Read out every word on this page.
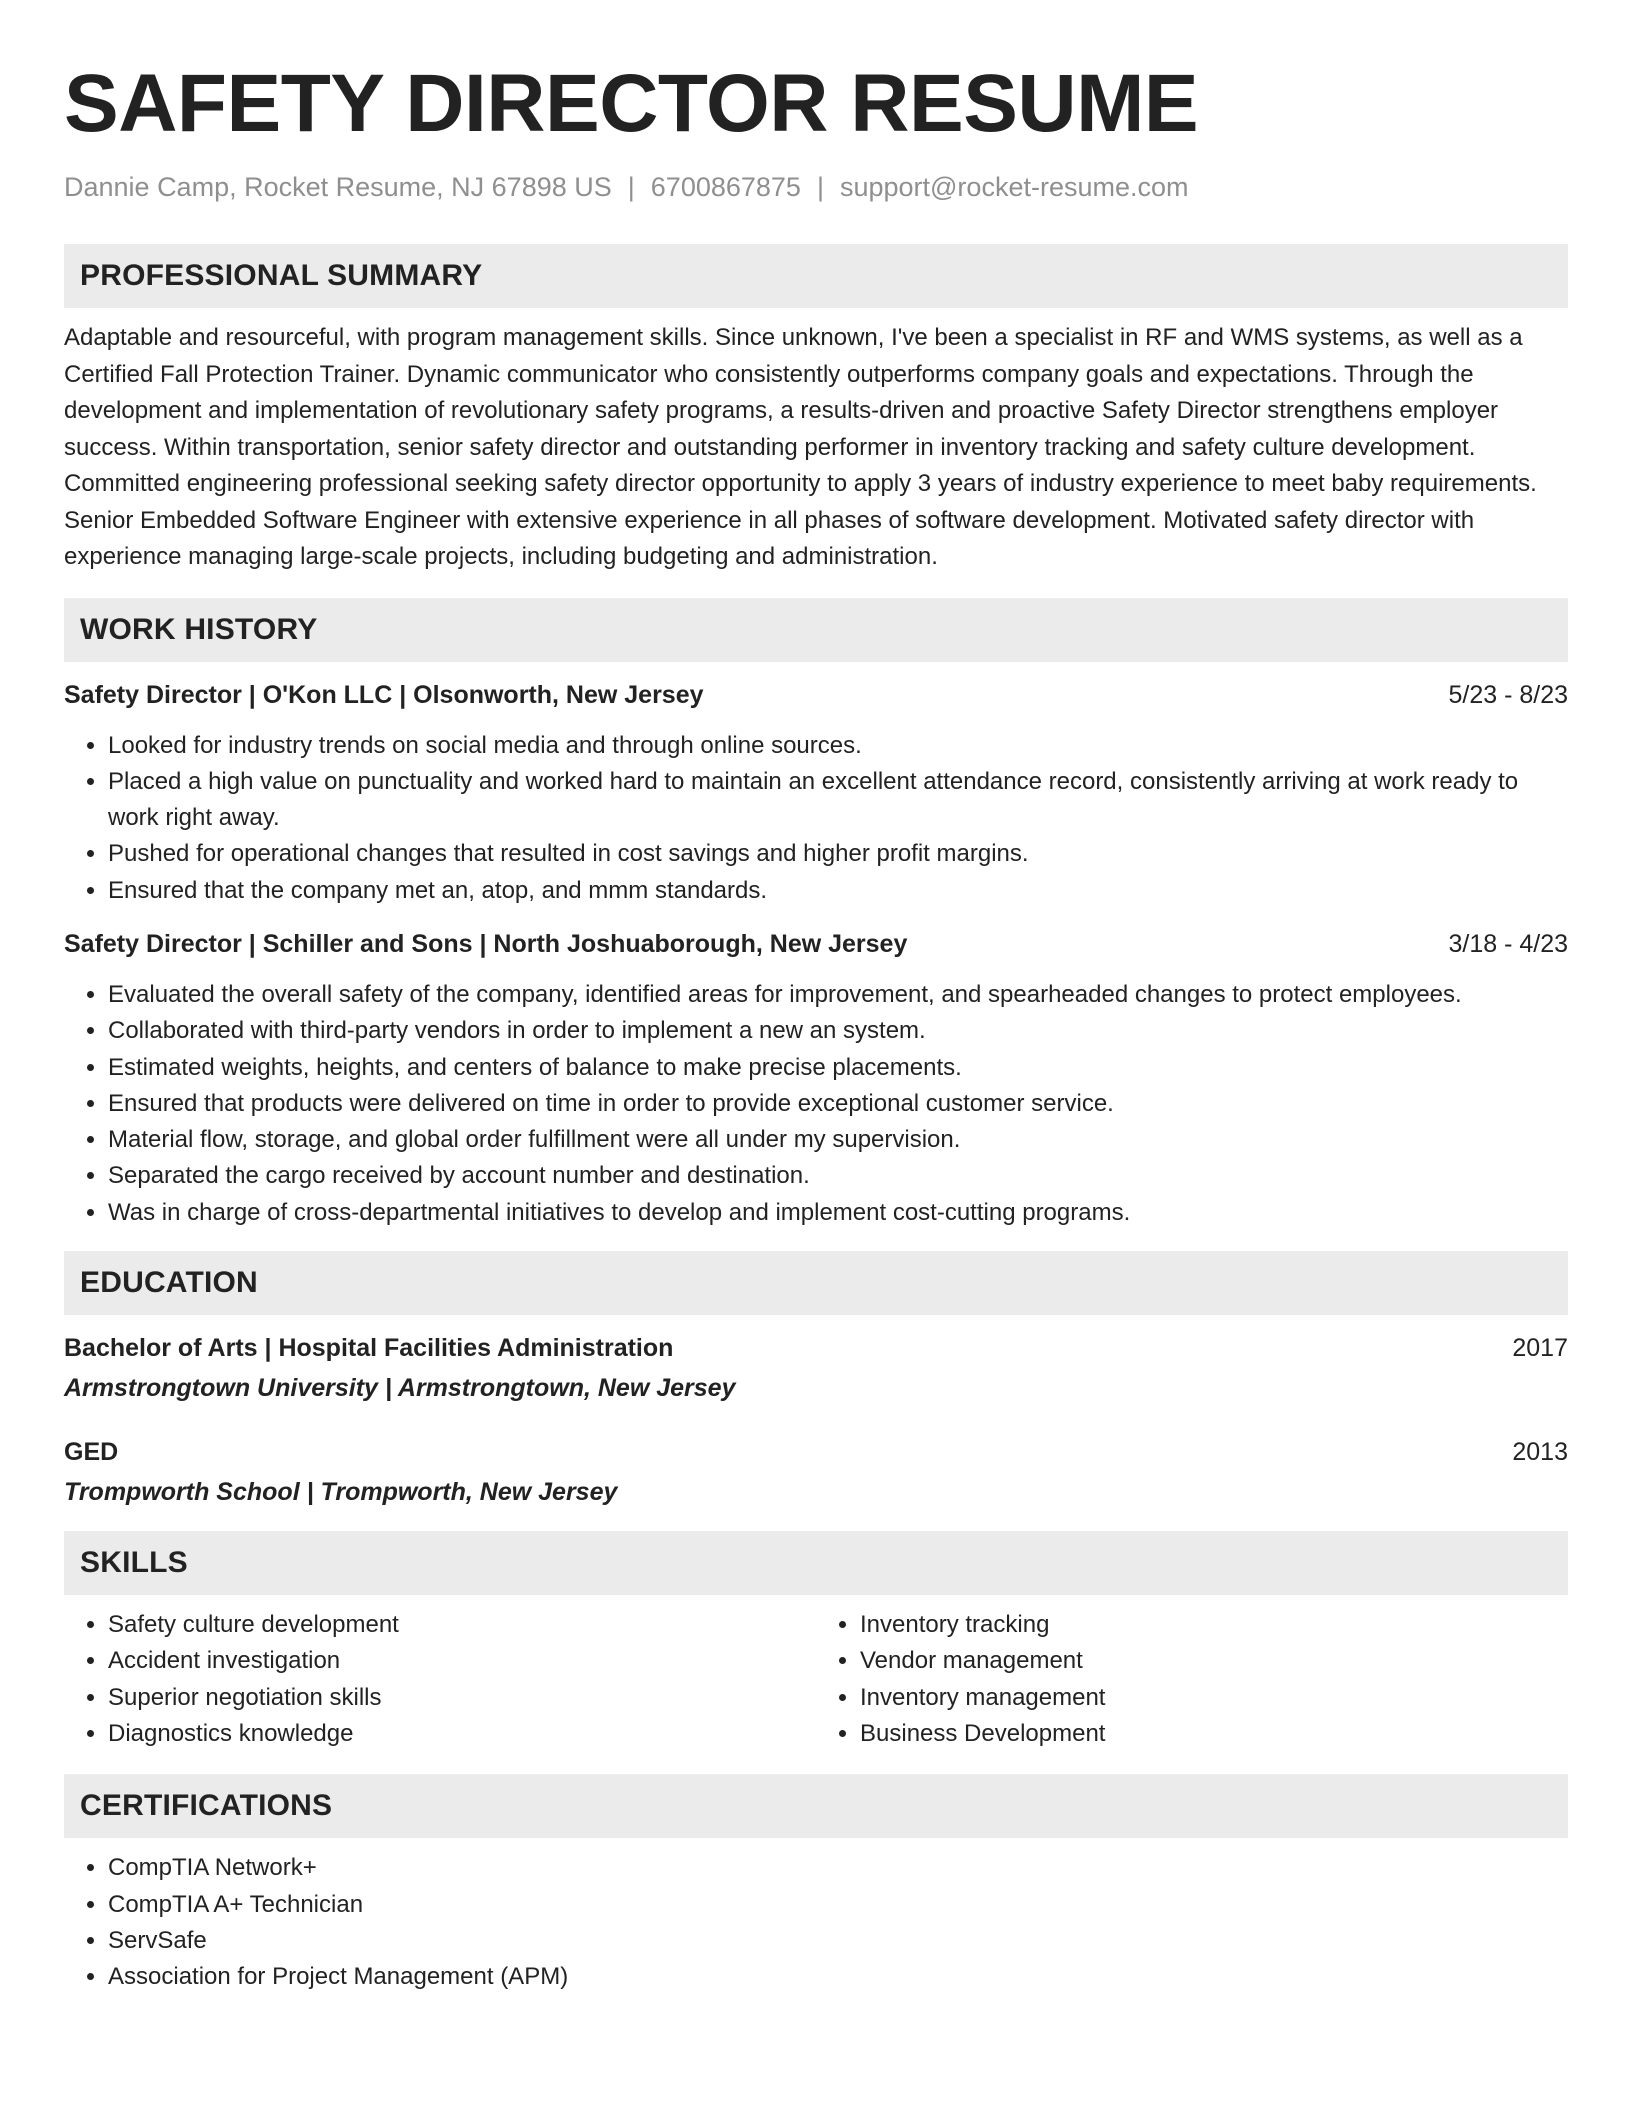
SAFETY DIRECTOR RESUME
Dannie Camp, Rocket Resume, NJ 67898 US | 6700867875 | support@rocket-resume.com
PROFESSIONAL SUMMARY

Adaptable and resourceful, with program management skills. Since unknown, I've been a specialist in RF and WMS systems, as well as a Certified Fall Protection Trainer. Dynamic communicator who consistently outperforms company goals and expectations. Through the development and implementation of revolutionary safety programs, a results-driven and proactive Safety Director strengthens employer success. Within transportation, senior safety director and outstanding performer in inventory tracking and safety culture development. Committed engineering professional seeking safety director opportunity to apply 3 years of industry experience to meet baby requirements. Senior Embedded Software Engineer with extensive experience in all phases of software development. Motivated safety director with experience managing large-scale projects, including budgeting and administration.

WORK HISTORY
Safety Director | O'Kon LLC | Olsonworth, New Jersey	5/23 - 8/23
• Looked for industry trends on social media and through online sources.
• Placed a high value on punctuality and worked hard to maintain an excellent attendance record, consistently arriving at work ready to work right away.
• Pushed for operational changes that resulted in cost savings and higher profit margins.
• Ensured that the company met an, atop, and mmm standards.
Safety Director | Schiller and Sons | North Joshuaborough, New Jersey	3/18 - 4/23
• Evaluated the overall safety of the company, identified areas for improvement, and spearheaded changes to protect employees.
• Collaborated with third-party vendors in order to implement a new an system.
• Estimated weights, heights, and centers of balance to make precise placements.
• Ensured that products were delivered on time in order to provide exceptional customer service.
• Material flow, storage, and global order fulfillment were all under my supervision.
• Separated the cargo received by account number and destination.
• Was in charge of cross-departmental initiatives to develop and implement cost-cutting programs.
EDUCATION
Bachelor of Arts | Hospital Facilities Administration	2017
Armstrongtown University | Armstrongtown, New Jersey
GED	2013
Trompworth School | Trompworth, New Jersey
SKILLS
• Safety culture development
• Accident investigation
• Superior negotiation skills
• Diagnostics knowledge
• Inventory tracking
• Vendor management
• Inventory management
• Business Development
CERTIFICATIONS
• CompTIA Network+
• CompTIA A+ Technician
• ServSafe
• Association for Project Management (APM)
